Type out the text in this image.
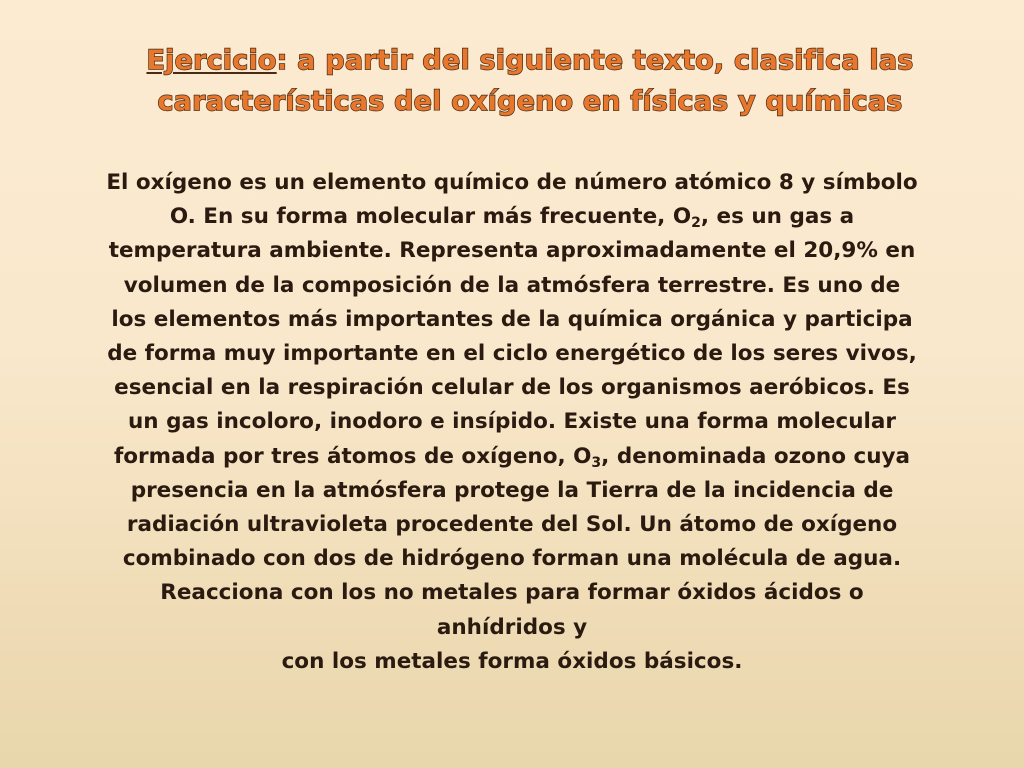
Ejercicio: a partir del siguiente texto, clasifica las
características del oxígeno en físicas y químicas
El oxígeno es un elemento químico de número atómico 8 y símbolo
O. En su forma molecular más frecuente, $O_2$, es un gas a
temperatura ambiente. Representa aproximadamente el 20,9% en
volumen de la composición de la atmósfera terrestre. Es uno de
los elementos más importantes de la química orgánica y participa
de forma muy importante en el ciclo energético de los seres vivos,
esencial en la respiración celular de los organismos aeróbicos. Es
un gas incoloro, inodoro e insípido. Existe una forma molecular
formada por tres átomos de oxígeno, $O_3$, denominada ozono cuya
presencia en la atmósfera protege la Tierra de la incidencia de
radiación ultravioleta procedente del Sol. Un átomo de oxígeno
combinado con dos de hidrógeno forman una molécula de agua.
Reacciona con los no metales para formar óxidos ácidos o
anhídridos y
con los metales forma óxidos básicos.
